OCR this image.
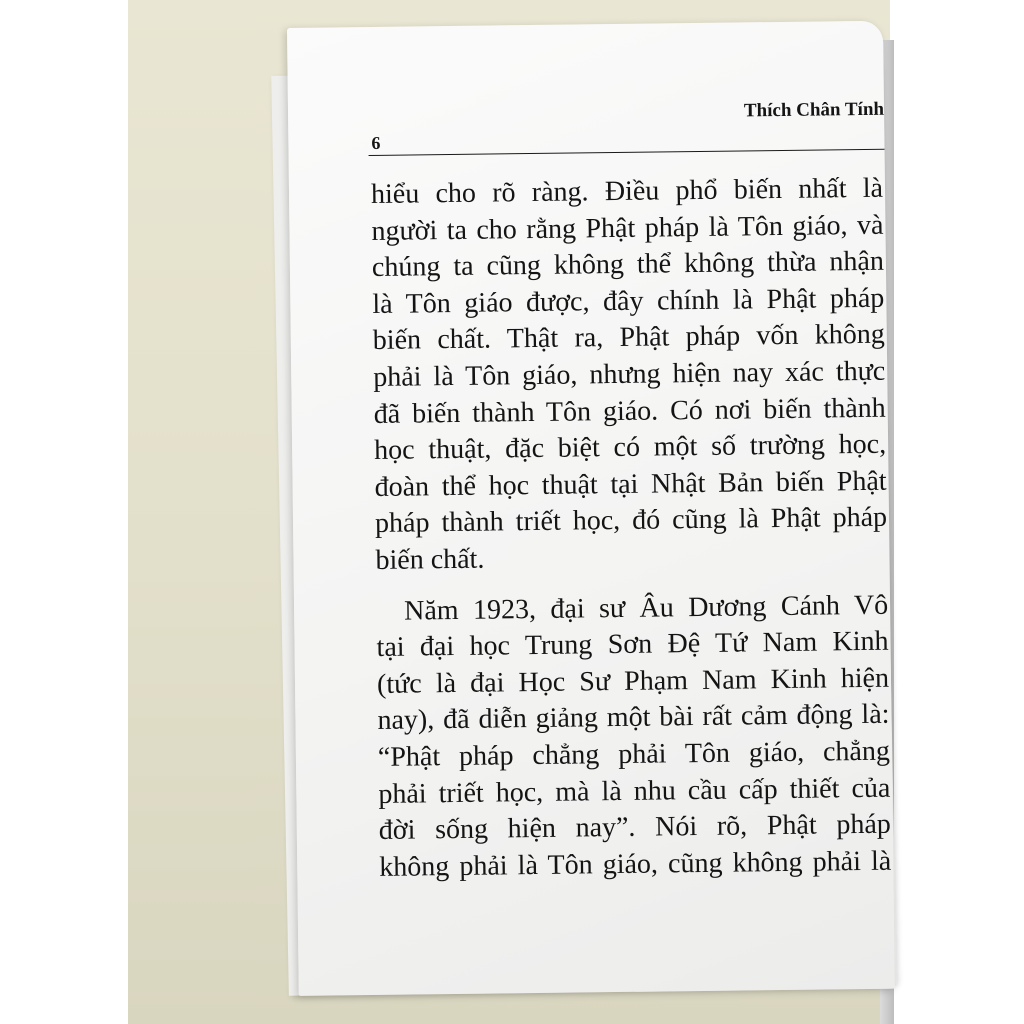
Thích Chân Tính
6
hiểu cho rõ ràng. Điều phổ biến nhất là
người ta cho rằng Phật pháp là Tôn giáo, và
chúng ta cũng không thể không thừa nhận
là Tôn giáo được, đây chính là Phật pháp
biến chất. Thật ra, Phật pháp vốn không
phải là Tôn giáo, nhưng hiện nay xác thực
đã biến thành Tôn giáo. Có nơi biến thành
học thuật, đặc biệt có một số trường học,
đoàn thể học thuật tại Nhật Bản biến Phật
pháp thành triết học, đó cũng là Phật pháp
biến chất.
Năm 1923, đại sư Âu Dương Cánh Vô
tại đại học Trung Sơn Đệ Tứ Nam Kinh
(tức là đại Học Sư Phạm Nam Kinh hiện
nay), đã diễn giảng một bài rất cảm động là:
“Phật pháp chẳng phải Tôn giáo, chẳng
phải triết học, mà là nhu cầu cấp thiết của
đời sống hiện nay”. Nói rõ, Phật pháp
không phải là Tôn giáo, cũng không phải là
